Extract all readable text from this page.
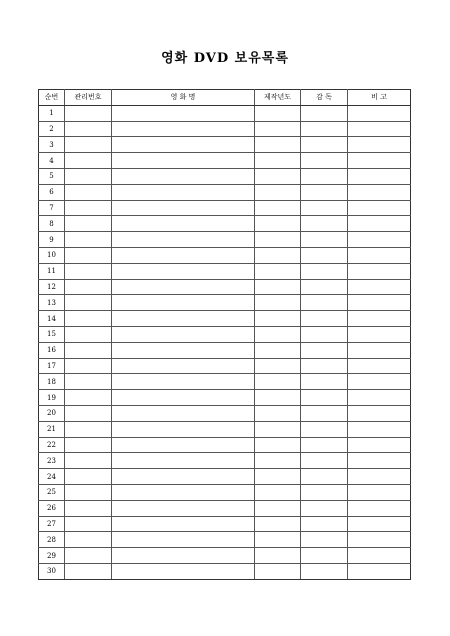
영화 DVD 보유목록
순번	관리번호	영 화 명	제작년도	감 독	비 고
1					
2					
3					
4					
5					
6					
7					
8					
9					
10					
11					
12					
13					
14					
15					
16					
17					
18					
19					
20					
21					
22					
23					
24					
25					
26					
27					
28					
29					
30					
